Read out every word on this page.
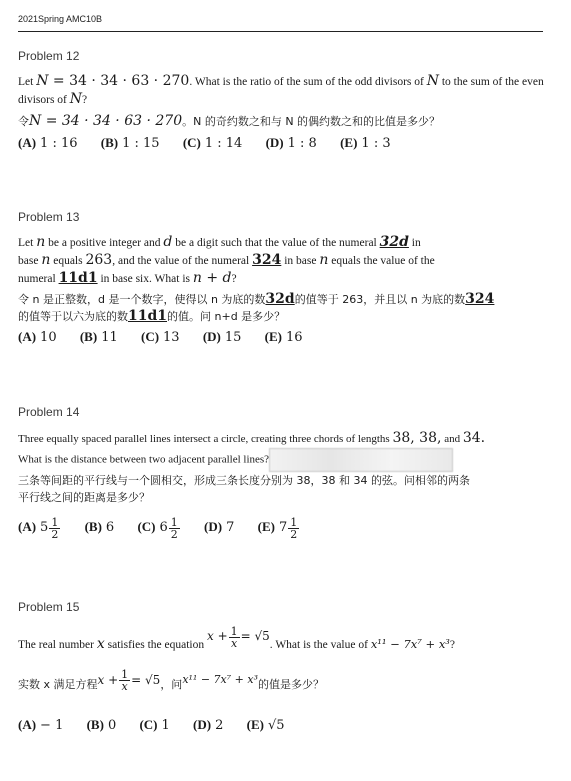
2021Spring AMC10B

Problem 12

Let N = 34 · 34 · 63 · 270. What is the ratio of the sum of the odd divisors of N to the sum of the even divisors of N?

令N = 34 · 34 · 63 · 270。N 的奇约数之和与 N 的偶约数之和的比值是多少？

(A) 1 : 16 (B) 1 : 15 (C) 1 : 14 (D) 1 : 8 (E) 1 : 3

Problem 13

Let n be a positive integer and d be a digit such that the value of the numeral 32d in
base n equals 263, and the value of the numeral 324 in base n equals the value of the
numeral 11d1 in base six. What is n + d?

令 n 是正整数，d 是一个数字，使得以 n 为底的数32d的值等于 263，并且以 n 为底的数324
的值等于以六为底的数11d1的值。问 n+d 是多少？

(A) 10 (B) 11 (C) 13 (D) 15 (E) 16

Problem 14

Three equally spaced parallel lines intersect a circle, creating three chords of lengths 38, 38, and 34.
What is the distance between two adjacent parallel lines?

三条等间距的平行线与一个圆相交，形成三条长度分别为 38，38 和 34 的弦。问相邻的两条
平行线之间的距离是多少？

(A) $5 \frac{1}{2} (B)$ 6 (C) $6 \frac{1}{2} (D)$ 7 (E) $7 \frac{1}{2}$

Problem 15

The real number x satisfies the equation $x + \frac{1}{x} = √5$. What is the value of x¹¹ − 7x⁷ + x³?

实数 x 满足方程$x + \frac{1}{x} = √5$，问x¹¹ − 7x⁷ + x³的值是多少？

(A) − 1 (B) 0 (C) 1 (D) 2 (E) √5
